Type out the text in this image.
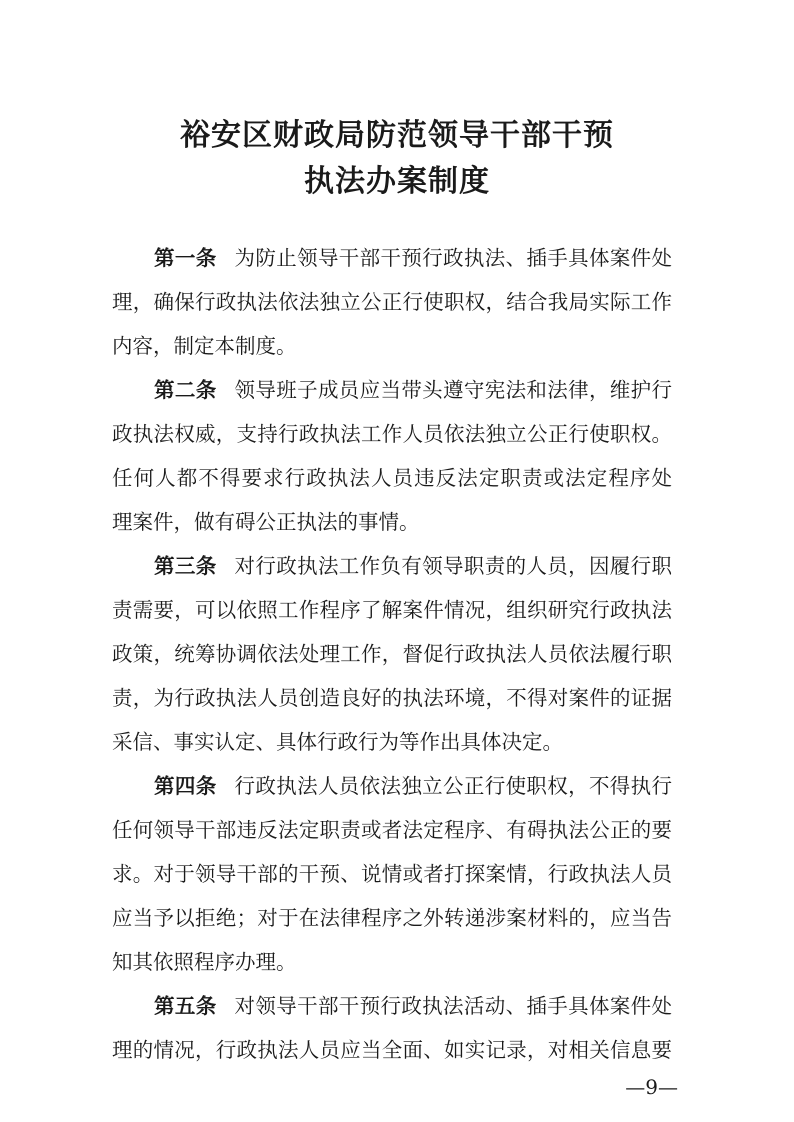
裕安区财政局防范领导干部干预
执法办案制度
第一条 为防止领导干部干预行政执法、插手具体案件处
理，确保行政执法依法独立公正行使职权，结合我局实际工作
内容，制定本制度。
第二条 领导班子成员应当带头遵守宪法和法律，维护行
政执法权威，支持行政执法工作人员依法独立公正行使职权。
任何人都不得要求行政执法人员违反法定职责或法定程序处
理案件，做有碍公正执法的事情。
第三条 对行政执法工作负有领导职责的人员，因履行职
责需要，可以依照工作程序了解案件情况，组织研究行政执法
政策，统筹协调依法处理工作，督促行政执法人员依法履行职
责，为行政执法人员创造良好的执法环境，不得对案件的证据
采信、事实认定、具体行政行为等作出具体决定。
第四条 行政执法人员依法独立公正行使职权，不得执行
任何领导干部违反法定职责或者法定程序、有碍执法公正的要
求。对于领导干部的干预、说情或者打探案情，行政执法人员
应当予以拒绝；对于在法律程序之外转递涉案材料的，应当告
知其依照程序办理。
第五条 对领导干部干预行政执法活动、插手具体案件处
理的情况，行政执法人员应当全面、如实记录，对相关信息要
—9—
